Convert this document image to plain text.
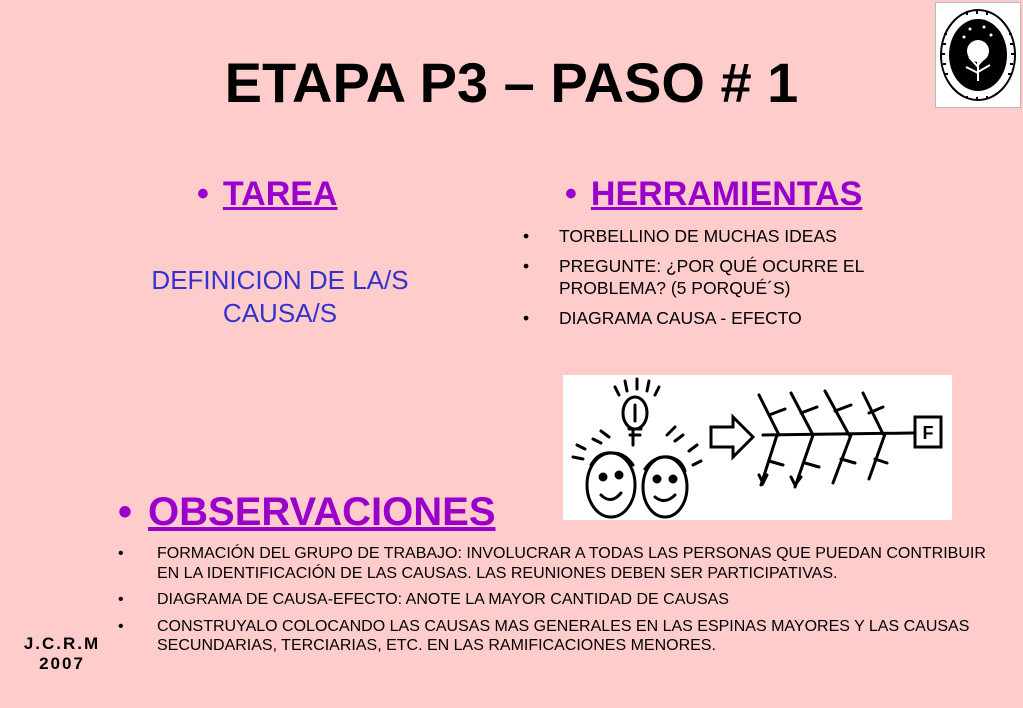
ETAPA P3 – PASO # 1
• TAREA
DEFINICION DE LA/S CAUSA/S
• HERRAMIENTAS
• TORBELLINO DE MUCHAS IDEAS
• PREGUNTE: ¿POR QUÉ OCURRE EL PROBLEMA? (5 PORQUÉ´S)
• DIAGRAMA CAUSA - EFECTO
F
• OBSERVACIONES
• FORMACIÓN DEL GRUPO DE TRABAJO: INVOLUCRAR A TODAS LAS PERSONAS QUE PUEDAN CONTRIBUIR EN LA IDENTIFICACIÓN DE LAS CAUSAS. LAS REUNIONES DEBEN SER PARTICIPATIVAS.
• DIAGRAMA DE CAUSA-EFECTO: ANOTE LA MAYOR CANTIDAD DE CAUSAS
• CONSTRUYALO COLOCANDO LAS CAUSAS MAS GENERALES EN LAS ESPINAS MAYORES Y LAS CAUSAS SECUNDARIAS, TERCIARIAS, ETC. EN LAS RAMIFICACIONES MENORES.
J.C.R.M
2007
